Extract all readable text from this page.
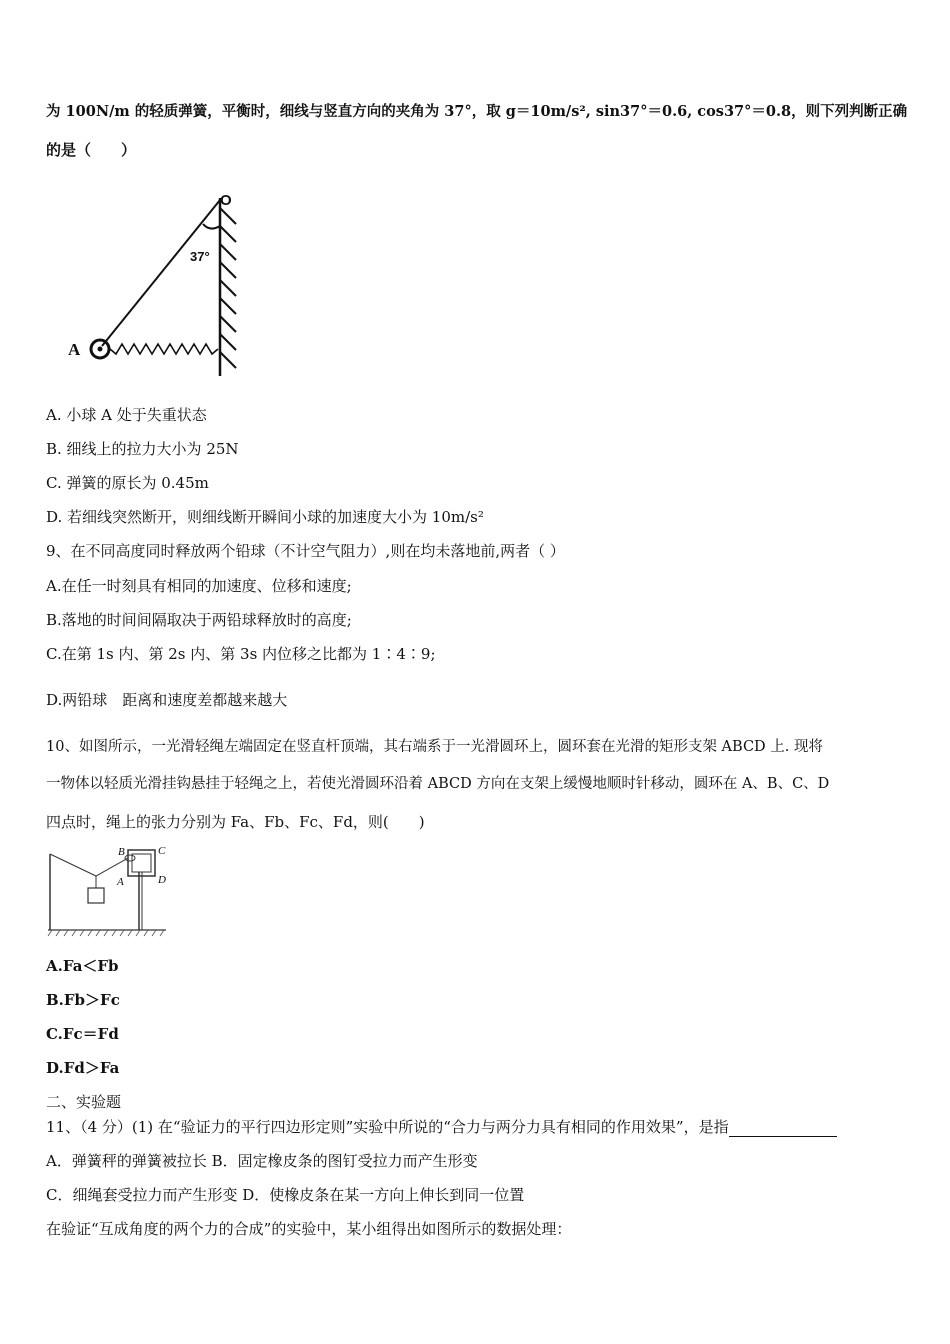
为 100N/m 的轻质弹簧，平衡时，细线与竖直方向的夹角为 37°，取 g＝10m/s², sin37°＝0.6, cos37°＝0.8，则下列判断正确
的是（　　）
O
37°
A
A. 小球 A 处于失重状态
B. 细线上的拉力大小为 25N
C. 弹簧的原长为 0.45m
D. 若细线突然断开，则细线断开瞬间小球的加速度大小为 10m/s²
9、在不同高度同时释放两个铅球（不计空气阻力）,则在均未落地前,两者（ ）
A.在任一时刻具有相同的加速度、位移和速度;
B.落地的时间间隔取决于两铅球释放时的高度;
C.在第 1s 内、第 2s 内、第 3s 内位移之比都为 1∶4∶9;
D.两铅球　距离和速度差都越来越大
10、如图所示，一光滑轻绳左端固定在竖直杆顶端，其右端系于一光滑圆环上，圆环套在光滑的矩形支架 ABCD 上. 现将
一物体以轻质光滑挂钩悬挂于轻绳之上，若使光滑圆环沿着 ABCD 方向在支架上缓慢地顺时针移动，圆环在 A、B、C、D
四点时，绳上的张力分别为 Fa、Fb、Fc、Fd，则(　　)
B	C
D
A
A.Fa＜Fb
B.Fb＞Fc
C.Fc＝Fd
D.Fd＞Fa
二、实验题
11、（4 分）(1) 在“验证力的平行四边形定则”实验中所说的“合力与两分力具有相同的作用效果”，是指
A．弹簧秤的弹簧被拉长 B．固定橡皮条的图钉受拉力而产生形变
C．细绳套受拉力而产生形变 D．使橡皮条在某一方向上伸长到同一位置
在验证“互成角度的两个力的合成”的实验中，某小组得出如图所示的数据处理：
